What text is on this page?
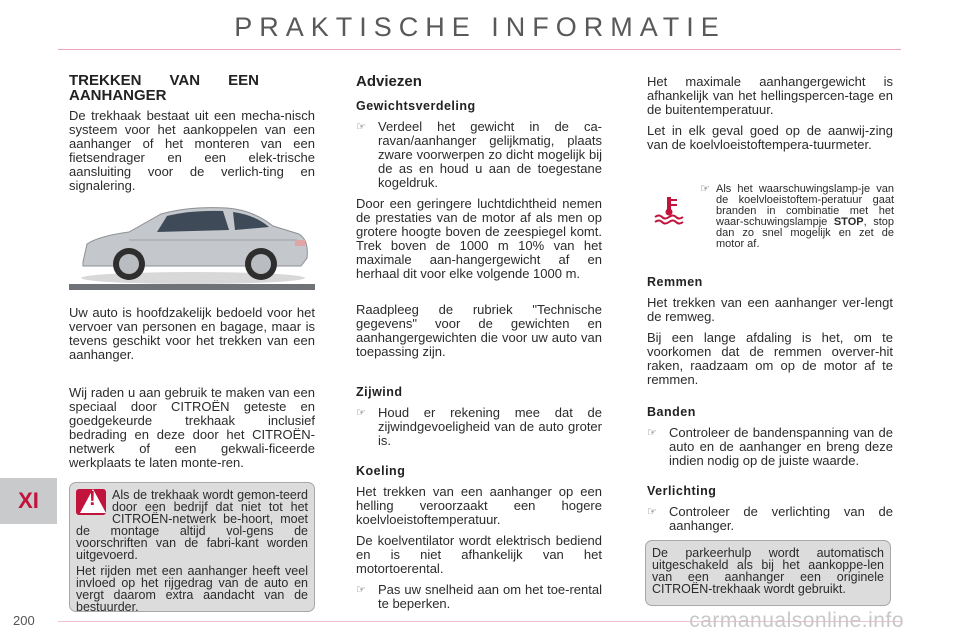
PRAKTISCHE INFORMATIE
TREKKEN VAN EEN AANHANGER

De trekhaak bestaat uit een mecha-nisch systeem voor het aankoppelen van een aanhanger of het monteren van een fietsendrager en een elek-trische aansluiting voor de verlich-ting en signalering.

Uw auto is hoofdzakelijk bedoeld voor het vervoer van personen en bagage, maar is tevens geschikt voor het trekken van een aanhanger.

Wij raden u aan gebruik te maken van een speciaal door CITROËN geteste en goedgekeurde trekhaak inclusief bedrading en deze door het CITROËN-netwerk of een gekwali-ficeerde werkplaats te laten monte-ren.

!	Als de trekhaak wordt gemon-teerd door een bedrijf dat niet tot het CITROËN-netwerk be-hoort, moet de montage altijd vol-gens de voorschriften van de fabri-kant worden uitgevoerd.

Het rijden met een aanhanger heeft veel invloed op het rijgedrag van de auto en vergt daarom extra aandacht van de bestuurder.

Adviezen
Gewichtsverdeling
☞ Verdeel het gewicht in de ca-ravan/aanhanger gelijkmatig, plaats zware voorwerpen zo dicht mogelijk bij de as en houd u aan de toegestane kogeldruk.

Door een geringere luchtdichtheid nemen de prestaties van de motor af als men op grotere hoogte boven de zeespiegel komt. Trek boven de 1000 m 10% van het maximale aan-hangergewicht af en herhaal dit voor elke volgende 1000 m.

Raadpleeg de rubriek "Technische gegevens" voor de gewichten en aanhangergewichten die voor uw auto van toepassing zijn.

Zijwind
☞ Houd er rekening mee dat de zijwindgevoeligheid van de auto groter is.
Koeling

Het trekken van een aanhanger op een helling veroorzaakt een hogere koelvloeistoftemperatuur.

De koelventilator wordt elektrisch bediend en is niet afhankelijk van het motortoerental.

☞ Pas uw snelheid aan om het toe-rental te beperken.

Het maximale aanhangergewicht is afhankelijk van het hellingspercen-tage en de buitentemperatuur.

Let in elk geval goed op de aanwij-zing van de koelvloeistoftempera-tuurmeter.

☞ Als het waarschuwingslamp-je van de koelvloeistoftem-peratuur gaat branden in combinatie met het waar-schuwingslampje STOP, stop dan zo snel mogelijk en zet de motor af.
Remmen

Het trekken van een aanhanger ver-lengt de remweg.

Bij een lange afdaling is het, om te voorkomen dat de remmen overver-hit raken, raadzaam om op de motor af te remmen.

Banden
☞ Controleer de bandenspanning van de auto en de aanhanger en breng deze indien nodig op de juiste waarde.
Verlichting
☞ Controleer de verlichting van de aanhanger.

De parkeerhulp wordt automatisch uitgeschakeld als bij het aankoppe-len van een aanhanger een originele CITROËN-trekhaak wordt gebruikt.

XI
200	carmanualsonline.info
